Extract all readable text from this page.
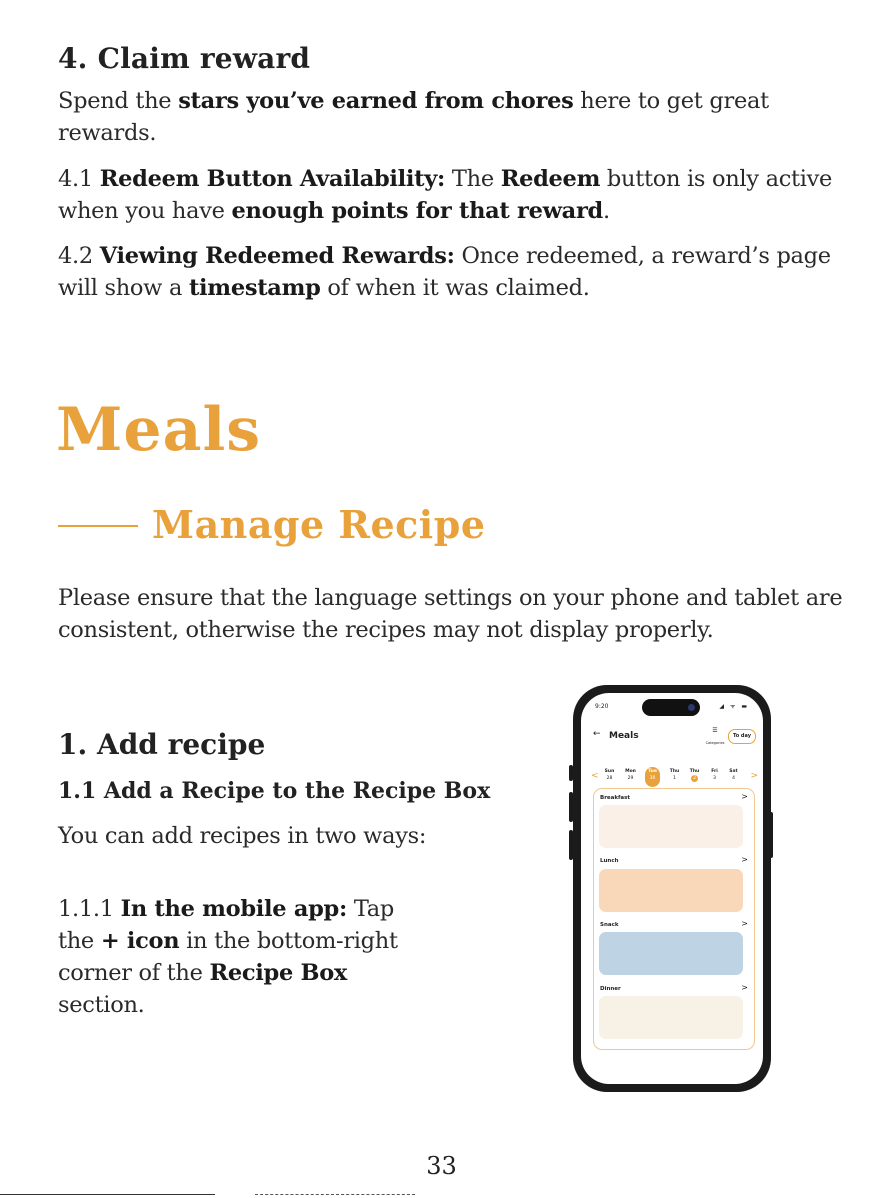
4. Claim reward
Spend the stars you’ve earned from chores here to get great rewards.
4.1 Redeem Button Availability: The Redeem button is only active when you have enough points for that reward.
4.2 Viewing Redeemed Rewards: Once redeemed, a reward’s page will show a timestamp of when it was claimed.
Meals
Manage Recipe
Please ensure that the language settings on your phone and tablet are consistent, otherwise the recipes may not display properly.
1. Add recipe
1.1 Add a Recipe to the Recipe Box
You can add recipes in two ways:
1.1.1 In the mobile app: Tap the + icon in the bottom-right corner of the Recipe Box section.
9:20	◢ ᯤ ▬
← Meals
☰
Categories
To day
<	>
Sun
28
Mon
29
Tue
30
Thu
1
Thu
2
Fri
3
Sat
4
Breakfast	>
Lunch	>
Snack	>
Dinner	>
33
